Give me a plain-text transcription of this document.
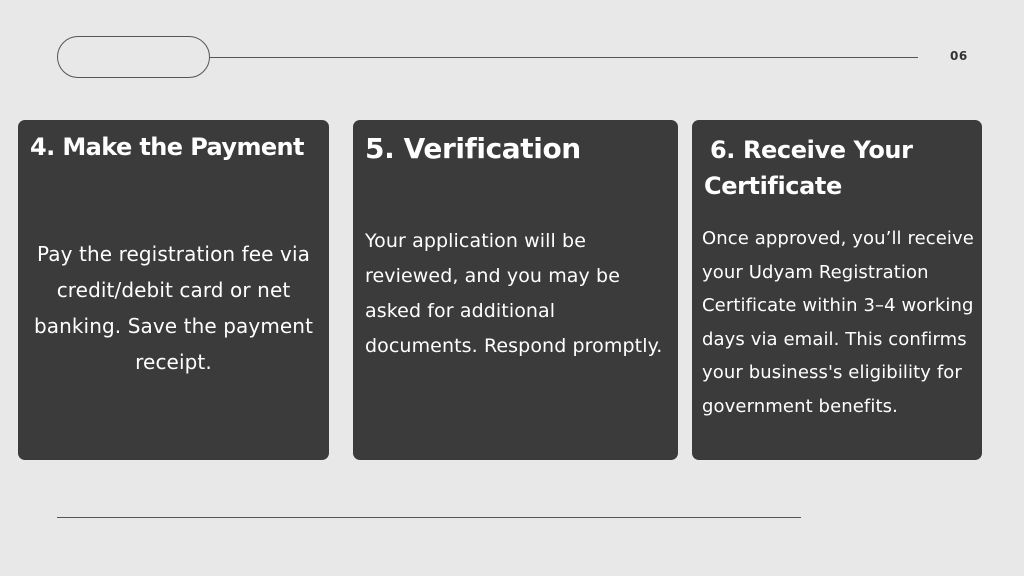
06
4. Make the Payment

Pay the registration fee via credit/debit card or net banking. Save the payment receipt.

5. Verification

Your application will be reviewed, and you may be asked for additional documents. Respond promptly.

6. Receive Your Certificate

Once approved, you’ll receive your Udyam Registration Certificate within 3–4 working days via email. This confirms your business's eligibility for government benefits.
